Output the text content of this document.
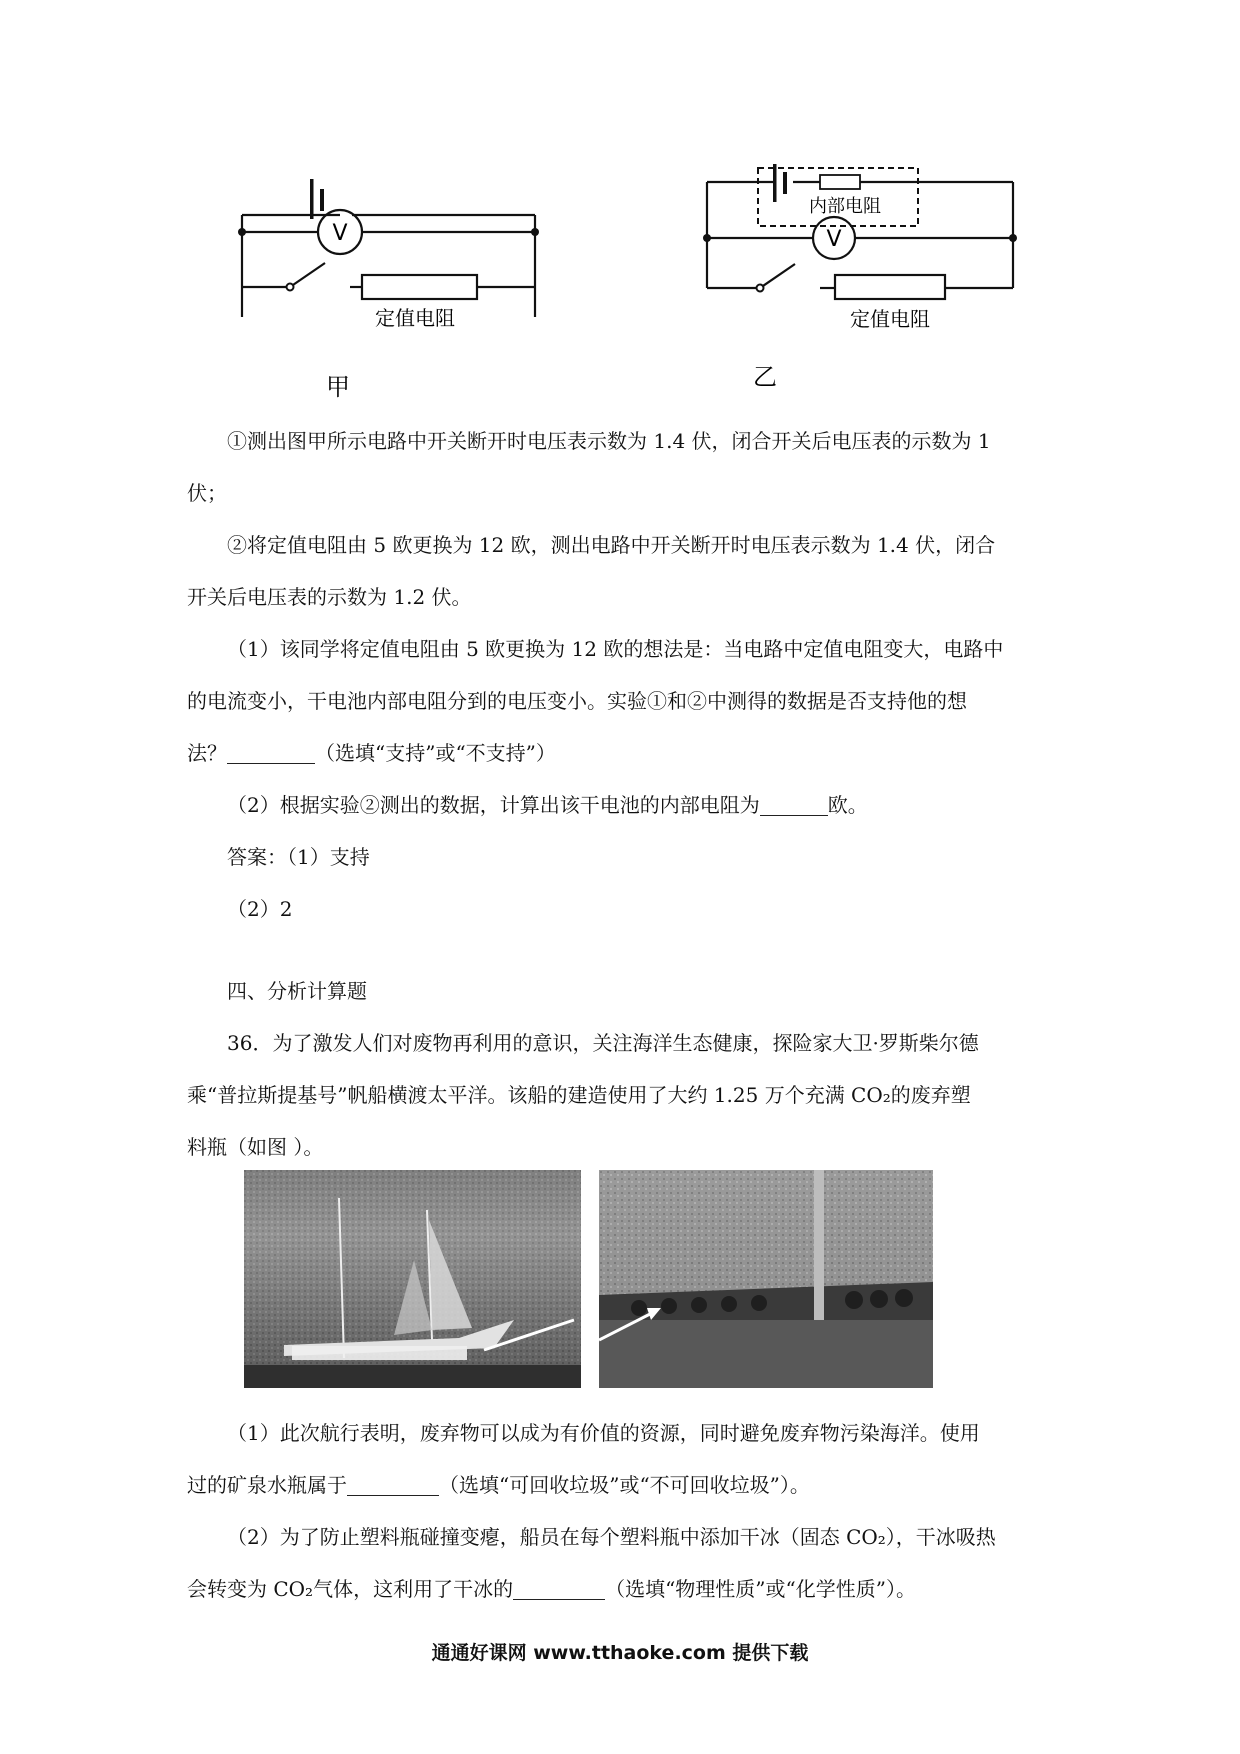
V
定值电阻
甲
内部电阻
V
定值电阻
乙
①测出图甲所示电路中开关断开时电压表示数为 1.4 伏，闭合开关后电压表的示数为 1
伏；
②将定值电阻由 5 欧更换为 12 欧，测出电路中开关断开时电压表示数为 1.4 伏，闭合
开关后电压表的示数为 1.2 伏。
（1）该同学将定值电阻由 5 欧更换为 12 欧的想法是：当电路中定值电阻变大，电路中
的电流变小，干电池内部电阻分到的电压变小。实验①和②中测得的数据是否支持他的想
法？	（选填“支持”或“不支持”）
（2）根据实验②测出的数据，计算出该干电池的内部电阻为	欧。
答案：（1）支持
（2）2
四、分析计算题
36．为了激发人们对废物再利用的意识，关注海洋生态健康，探险家大卫·罗斯柴尔德
乘“普拉斯提基号”帆船横渡太平洋。该船的建造使用了大约 1.25 万个充满 CO₂的废弃塑
料瓶（如图 ）。
（1）此次航行表明，废弃物可以成为有价值的资源，同时避免废弃物污染海洋。使用
过的矿泉水瓶属于	（选填“可回收垃圾”或“不可回收垃圾”）。
（2）为了防止塑料瓶碰撞变瘪，船员在每个塑料瓶中添加干冰（固态 CO₂），干冰吸热
会转变为 CO₂气体，这利用了干冰的	（选填“物理性质”或“化学性质”）。
通通好课网 www.tthaoke.com 提供下载
